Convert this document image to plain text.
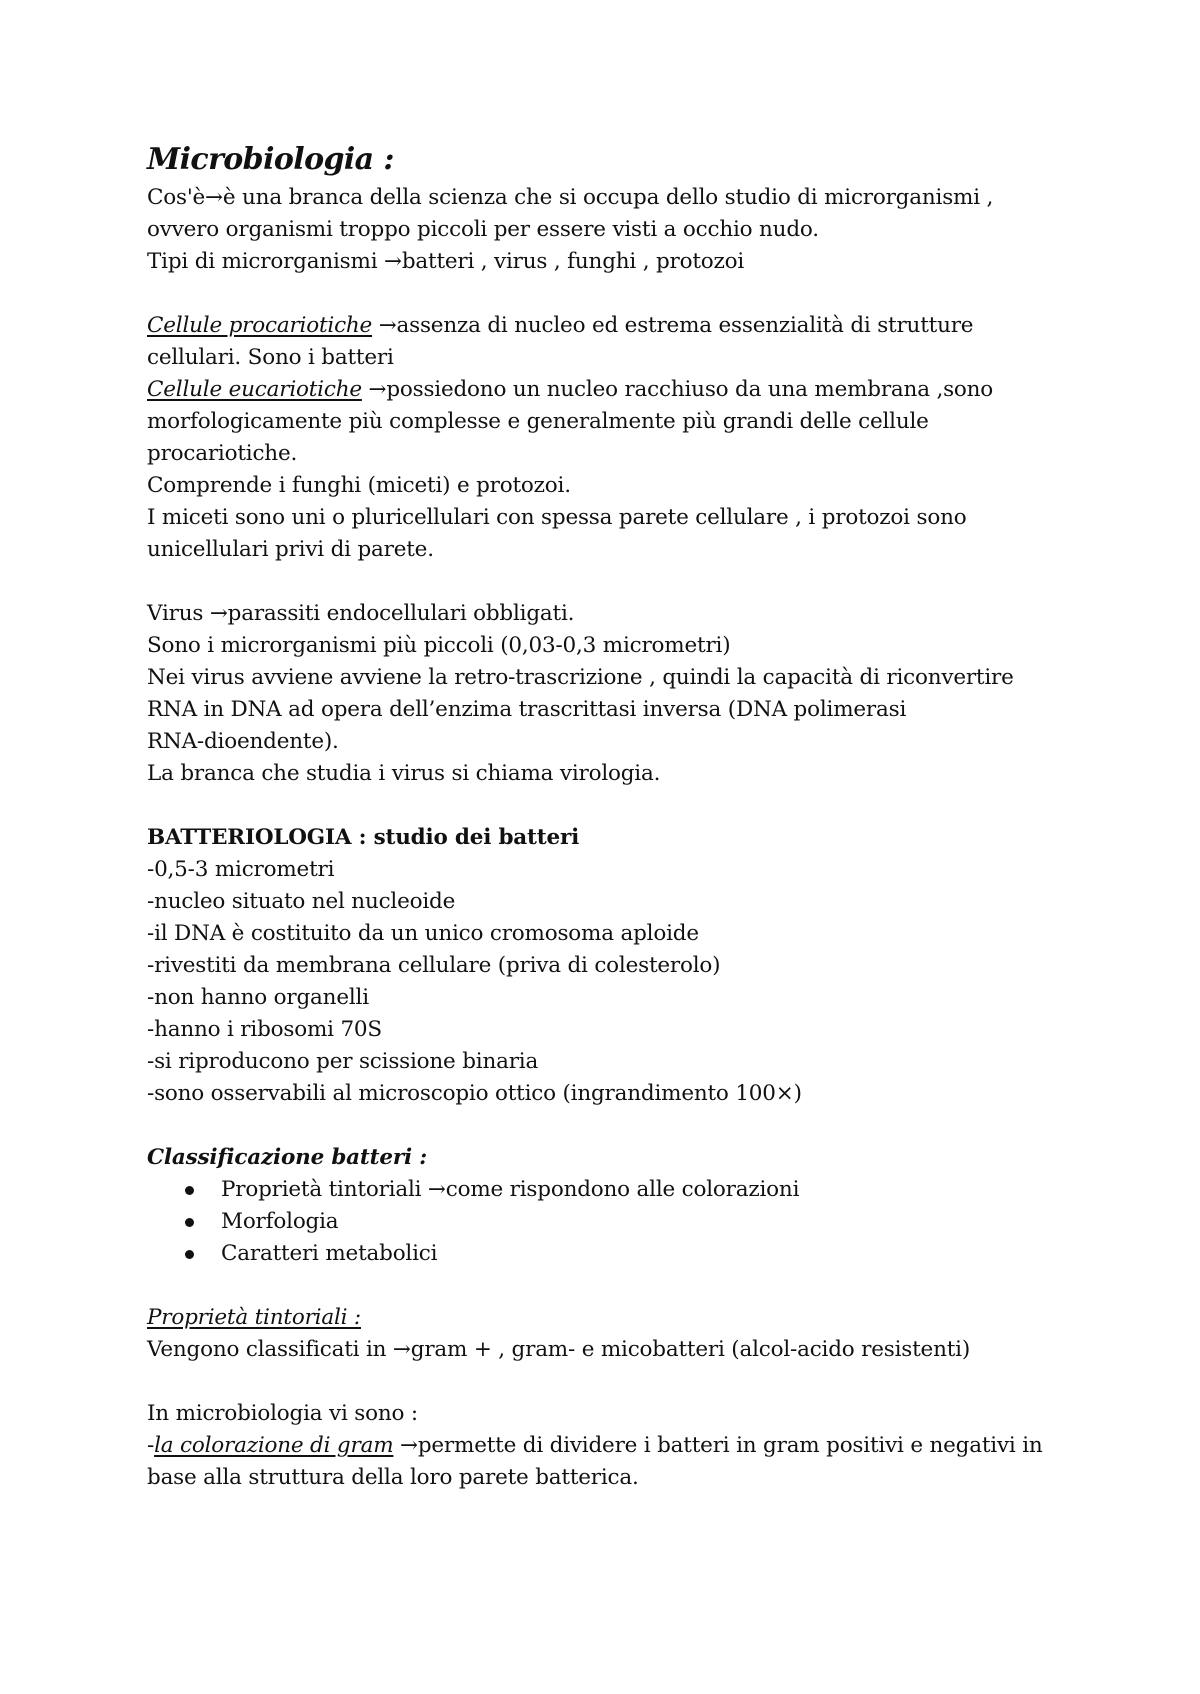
Microbiologia :

Cos'è→è una branca della scienza che si occupa dello studio di microrganismi ,

ovvero organismi troppo piccoli per essere visti a occhio nudo.

Tipi di microrganismi →batteri , virus , funghi , protozoi

Cellule procariotiche →assenza di nucleo ed estrema essenzialità di strutture

cellulari. Sono i batteri

Cellule eucariotiche →possiedono un nucleo racchiuso da una membrana ,sono

morfologicamente più complesse e generalmente più grandi delle cellule

procariotiche.

Comprende i funghi (miceti) e protozoi.

I miceti sono uni o pluricellulari con spessa parete cellulare , i protozoi sono

unicellulari privi di parete.

Virus →parassiti endocellulari obbligati.

Sono i microrganismi più piccoli (0,03-0,3 micrometri)

Nei virus avviene avviene la retro-trascrizione , quindi la capacità di riconvertire

RNA in DNA ad opera dell’enzima trascrittasi inversa (DNA polimerasi

RNA-dioendente).

La branca che studia i virus si chiama virologia.

BATTERIOLOGIA : studio dei batteri

-0,5-3 micrometri

-nucleo situato nel nucleoide

-il DNA è costituito da un unico cromosoma aploide

-rivestiti da membrana cellulare (priva di colesterolo)

-non hanno organelli

-hanno i ribosomi 70S

-si riproducono per scissione binaria

-sono osservabili al microscopio ottico (ingrandimento 100×)

Classificazione batteri :

Proprietà tintoriali →come rispondono alle colorazioni
Morfologia
Caratteri metabolici

Proprietà tintoriali :

Vengono classificati in →gram + , gram- e micobatteri (alcol-acido resistenti)

In microbiologia vi sono :

-la colorazione di gram →permette di dividere i batteri in gram positivi e negativi in

base alla struttura della loro parete batterica.
